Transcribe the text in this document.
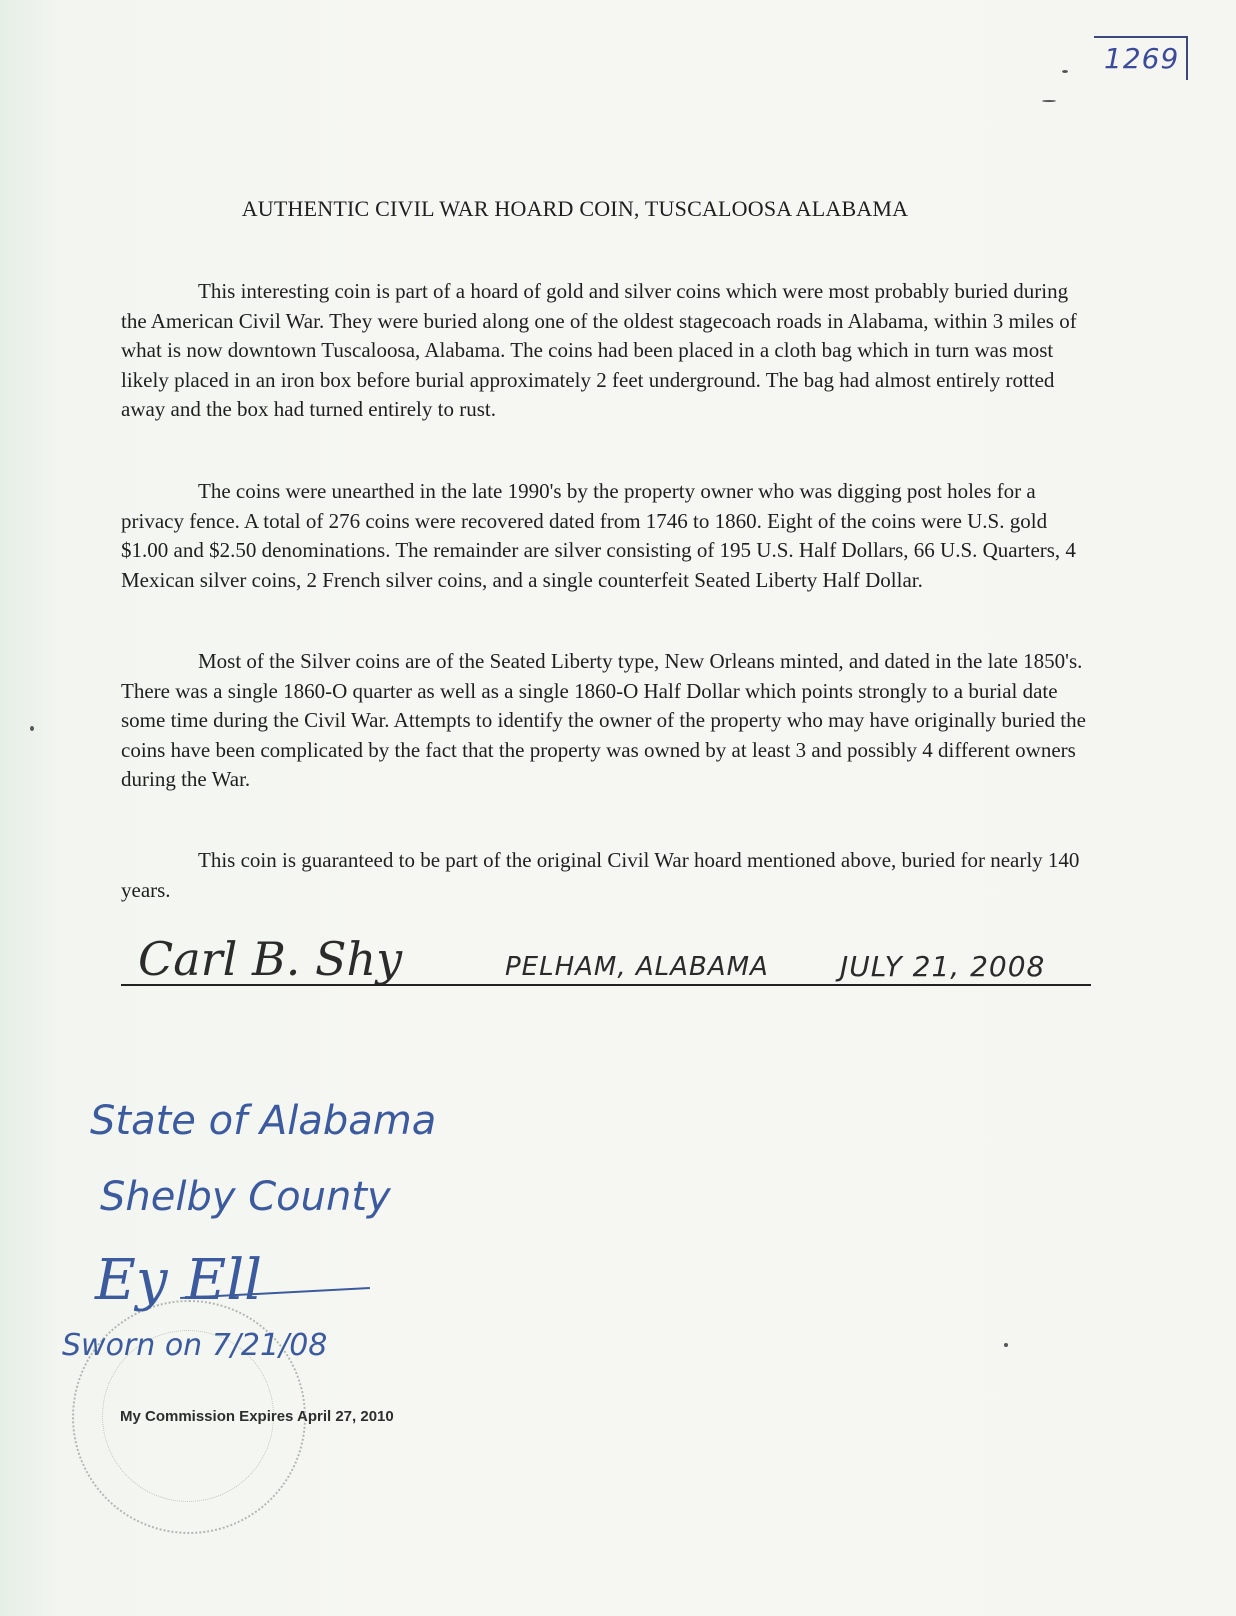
1269
AUTHENTIC CIVIL WAR HOARD COIN, TUSCALOOSA ALABAMA

This interesting coin is part of a hoard of gold and silver coins which were most probably buried during the American Civil War. They were buried along one of the oldest stagecoach roads in Alabama, within 3 miles of what is now downtown Tuscaloosa, Alabama. The coins had been placed in a cloth bag which in turn was most likely placed in an iron box before burial approximately 2 feet underground. The bag had almost entirely rotted away and the box had turned entirely to rust.

The coins were unearthed in the late 1990's by the property owner who was digging post holes for a privacy fence. A total of 276 coins were recovered dated from 1746 to 1860. Eight of the coins were U.S. gold $1.00 and $2.50 denominations. The remainder are silver consisting of 195 U.S. Half Dollars, 66 U.S. Quarters, 4 Mexican silver coins, 2 French silver coins, and a single counterfeit Seated Liberty Half Dollar.

Most of the Silver coins are of the Seated Liberty type, New Orleans minted, and dated in the late 1850's. There was a single 1860-O quarter as well as a single 1860-O Half Dollar which points strongly to a burial date some time during the Civil War. Attempts to identify the owner of the property who may have originally buried the coins have been complicated by the fact that the property was owned by at least 3 and possibly 4 different owners during the War.

This coin is guaranteed to be part of the original Civil War hoard mentioned above, buried for nearly 140 years.

Carl B. Shy	PELHAM, ALABAMA	JULY 21, 2008
State of Alabama
Shelby County
Ey Ell
Sworn on 7/21/08
My Commission Expires April 27, 2010
